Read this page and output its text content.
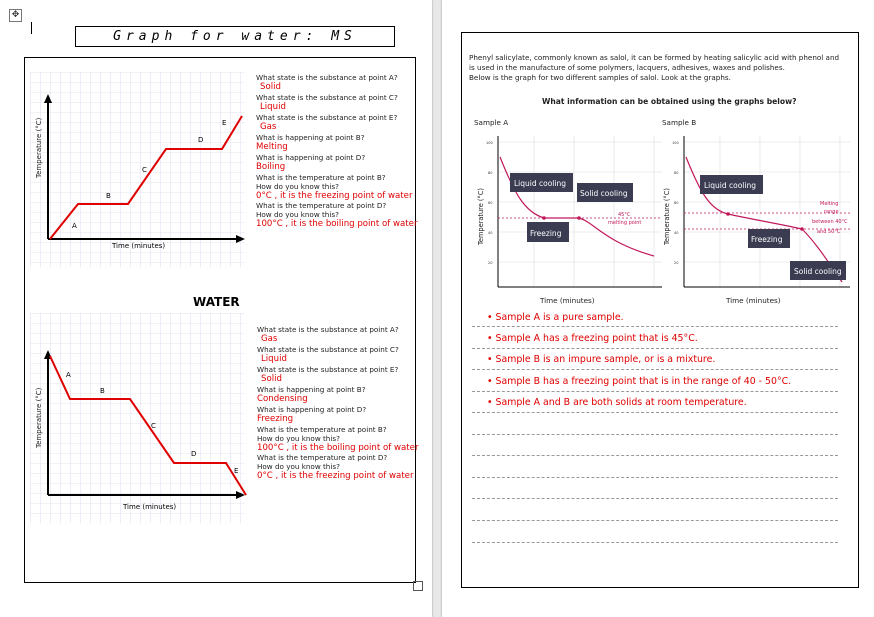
✥
Graph for water: MS
A
B
C
D
E
Time (minutes)
Temperature (°C)
What state is the substance at point A?
Solid
What state is the substance at point C?
Liquid
What state is the substance at point E?
Gas
What is happening at point B?
Melting
What is happening at point D?
Boiling
What is the temperature at point B?
How do you know this?
0°C , it is the freezing point of water
What is the temperature at point D?
How do you know this?
100°C , it is the boiling point of water
WATER
A
B
C
D
E
Time (minutes)
Temperature (°C)
What state is the substance at point A?
Gas
What state is the substance at point C?
Liquid
What state is the substance at point E?
Solid
What is happening at point B?
Condensing
What is happening at point D?
Freezing
What is the temperature at point B?
How do you know this?
100°C , it is the boiling point of water
What is the temperature at point D?
How do you know this?
0°C , it is the freezing point of water
Phenyl salicylate, commonly known as salol, it can be formed by heating salicylic acid with phenol and
is used in the manufacture of some polymers, lacquers, adhesives, waxes and polishes.
Below is the graph for two different samples of salol. Look at the graphs.
What information can be obtained using the graphs below?
Sample A	Sample B
100
80
60
40
20
Liquid cooling
Solid cooling
Freezing
45°C
melting point
Temperature (°C)
Time (minutes)
100
80
60
40
20
Liquid cooling
Freezing
Solid cooling
Melting
range
between 40°C
and 50°C
Temperature (°C)
Time (minutes)
• Sample A is a pure sample.
• Sample A has a freezing point that is 45°C.
• Sample B is an impure sample, or is a mixture.
• Sample B has a freezing point that is in the range of 40 - 50°C.
• Sample A and B are both solids at room temperature.
